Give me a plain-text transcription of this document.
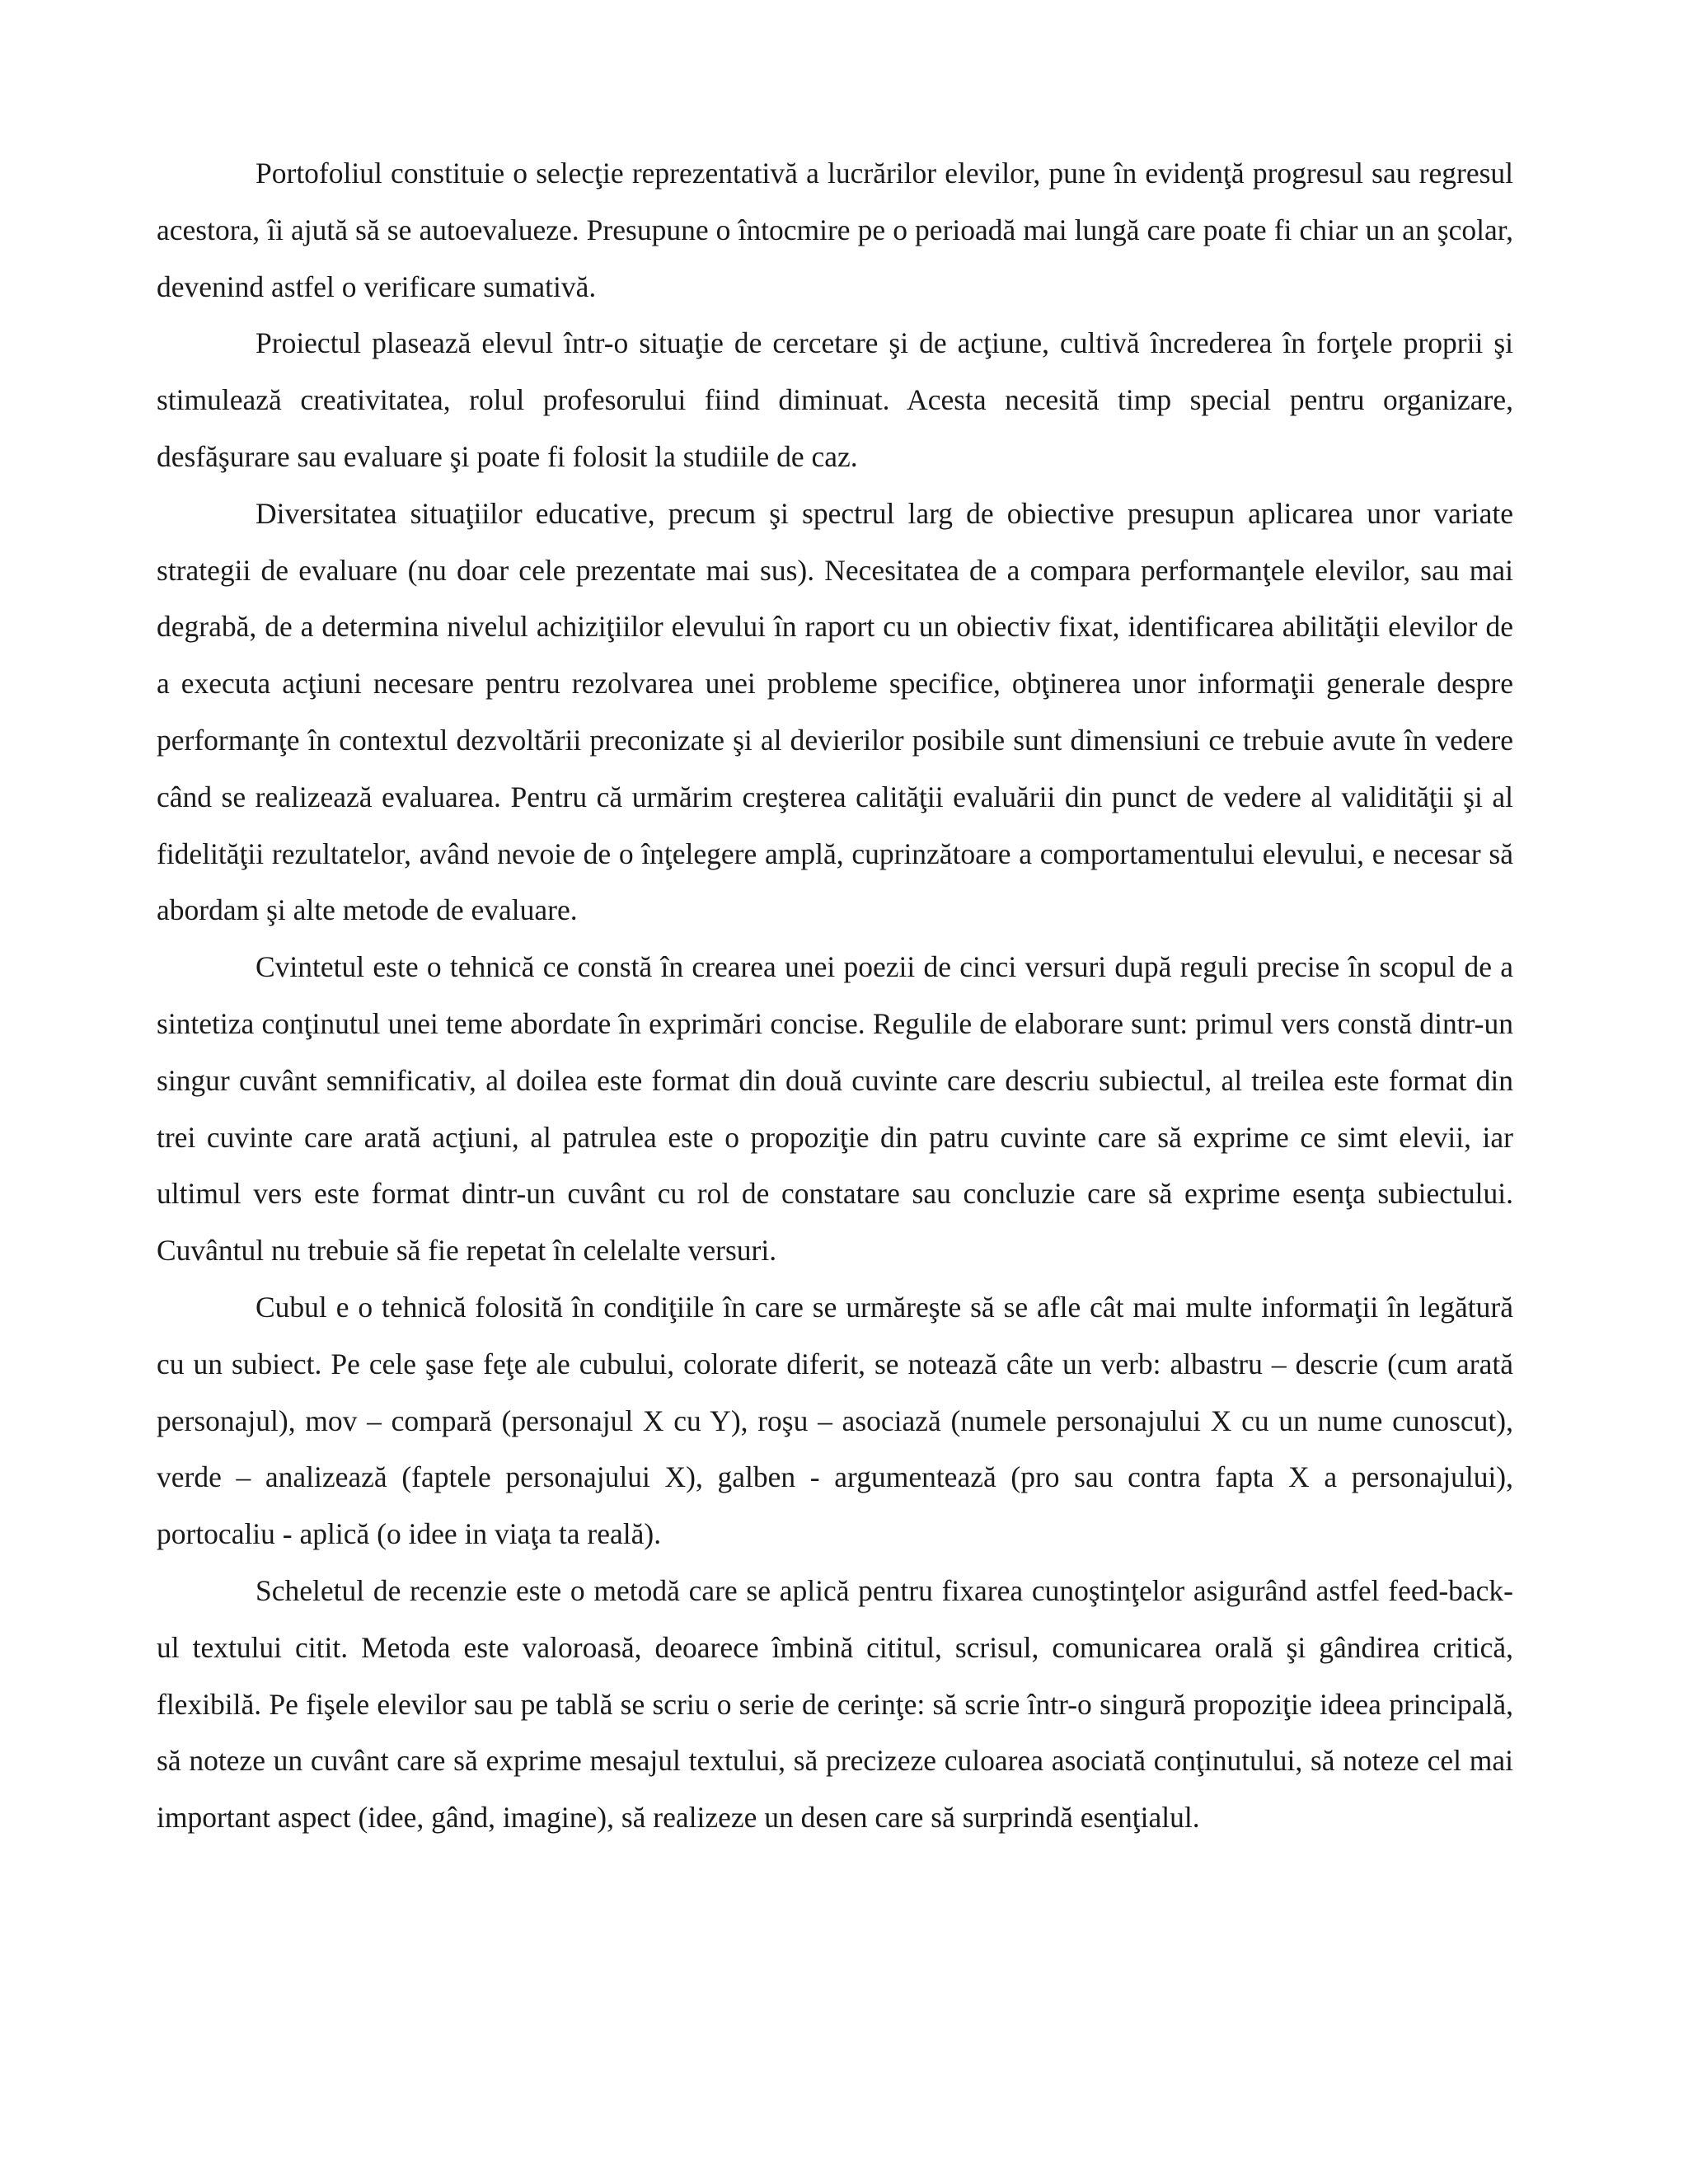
Portofoliul constituie o selecţie reprezentativă a lucrărilor elevilor, pune în evidenţă progresul sau regresul acestora, îi ajută să se autoevalueze. Presupune o întocmire pe o perioadă mai lungă care poate fi chiar un an şcolar, devenind astfel o verificare sumativă.

Proiectul plasează elevul într-o situaţie de cercetare şi de acţiune, cultivă încrederea în forţele proprii şi stimulează creativitatea, rolul profesorului fiind diminuat. Acesta necesită timp special pentru organizare, desfăşurare sau evaluare şi poate fi folosit la studiile de caz.

Diversitatea situaţiilor educative, precum şi spectrul larg de obiective presupun aplicarea unor variate strategii de evaluare (nu doar cele prezentate mai sus). Necesitatea de a compara performanţele elevilor, sau mai degrabă, de a determina nivelul achiziţiilor elevului în raport cu un obiectiv fixat, identificarea abilităţii elevilor de a executa acţiuni necesare pentru rezolvarea unei probleme specifice, obţinerea unor informaţii generale despre performanţe în contextul dezvoltării preconizate şi al devierilor posibile sunt dimensiuni ce trebuie avute în vedere când se realizează evaluarea. Pentru că urmărim creşterea calităţii evaluării din punct de vedere al validităţii şi al fidelităţii rezultatelor, având nevoie de o înţelegere amplă, cuprinzătoare a comportamentului elevului, e necesar să abordam şi alte metode de evaluare.

Cvintetul este o tehnică ce constă în crearea unei poezii de cinci versuri după reguli precise în scopul de a sintetiza conţinutul unei teme abordate în exprimări concise. Regulile de elaborare sunt: primul vers constă dintr-un singur cuvânt semnificativ, al doilea este format din două cuvinte care descriu subiectul, al treilea este format din trei cuvinte care arată acţiuni, al patrulea este o propoziţie din patru cuvinte care să exprime ce simt elevii, iar ultimul vers este format dintr-un cuvânt cu rol de constatare sau concluzie care să exprime esenţa subiectului. Cuvântul nu trebuie să fie repetat în celelalte versuri.

Cubul e o tehnică folosită în condiţiile în care se urmăreşte să se afle cât mai multe informaţii în legătură cu un subiect. Pe cele şase feţe ale cubului, colorate diferit, se notează câte un verb: albastru – descrie (cum arată personajul), mov – compară (personajul X cu Y), roşu – asociază (numele personajului X cu un nume cunoscut), verde – analizează (faptele personajului X), galben - argumentează (pro sau contra fapta X a personajului), portocaliu - aplică (o idee in viaţa ta reală).

Scheletul de recenzie este o metodă care se aplică pentru fixarea cunoştinţelor asigurând astfel feed-back-ul textului citit. Metoda este valoroasă, deoarece îmbină cititul, scrisul, comunicarea orală şi gândirea critică, flexibilă. Pe fişele elevilor sau pe tablă se scriu o serie de cerinţe: să scrie într-o singură propoziţie ideea principală, să noteze un cuvânt care să exprime mesajul textului, să precizeze culoarea asociată conţinutului, să noteze cel mai important aspect (idee, gând, imagine), să realizeze un desen care să surprindă esenţialul.
